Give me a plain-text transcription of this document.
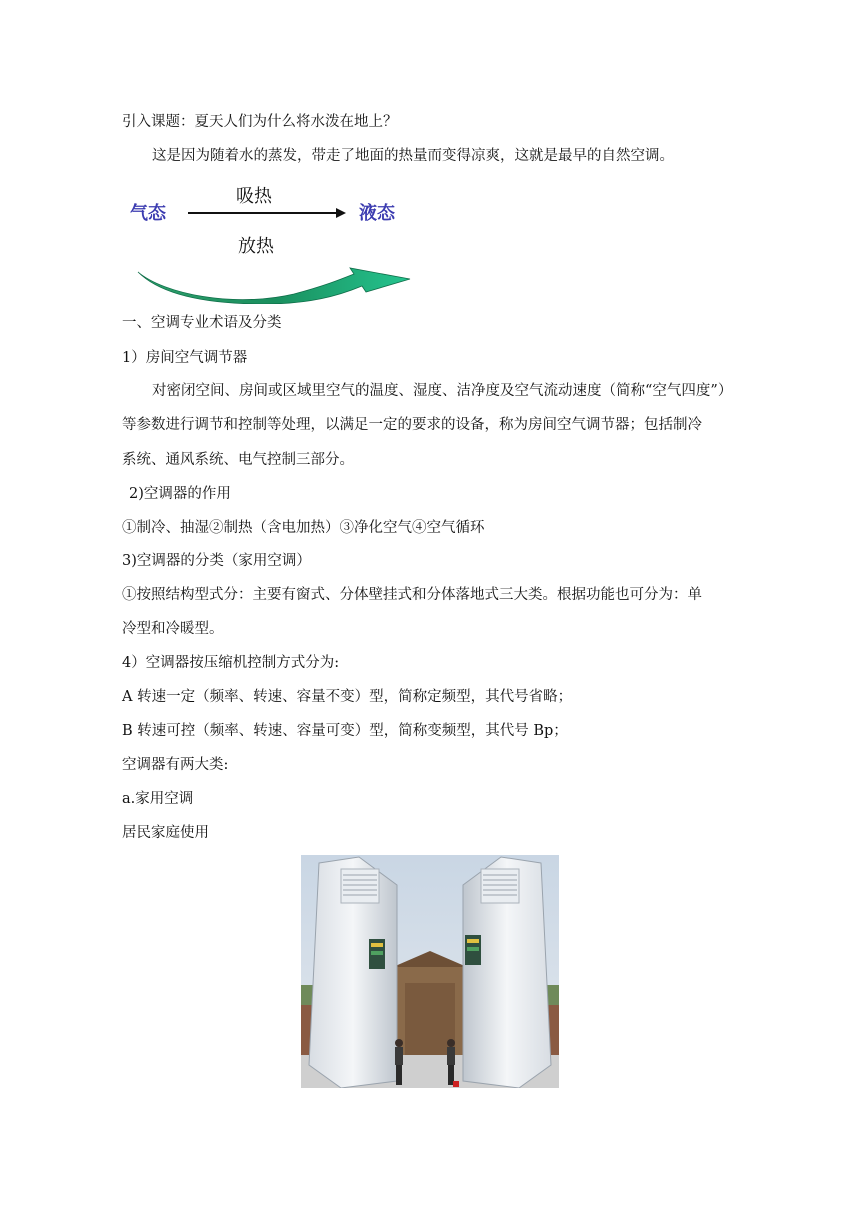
引入课题：夏天人们为什么将水泼在地上？
这是因为随着水的蒸发，带走了地面的热量而变得凉爽，这就是最早的自然空调。
气态
吸热
液态
放热
一、空调专业术语及分类
1）房间空气调节器
对密闭空间、房间或区域里空气的温度、湿度、洁净度及空气流动速度（简称“空气四度”）
等参数进行调节和控制等处理，以满足一定的要求的设备，称为房间空气调节器；包括制冷
系统、通风系统、电气控制三部分。
2)空调器的作用
①制冷、抽湿②制热（含电加热）③净化空气④空气循环
3)空调器的分类（家用空调）
①按照结构型式分：主要有窗式、分体壁挂式和分体落地式三大类。根据功能也可分为：单
冷型和冷暖型。
4）空调器按压缩机控制方式分为:
A 转速一定（频率、转速、容量不变）型，简称定频型，其代号省略；
B 转速可控（频率、转速、容量可变）型，简称变频型，其代号 Bp；
空调器有两大类:
a.家用空调
居民家庭使用
